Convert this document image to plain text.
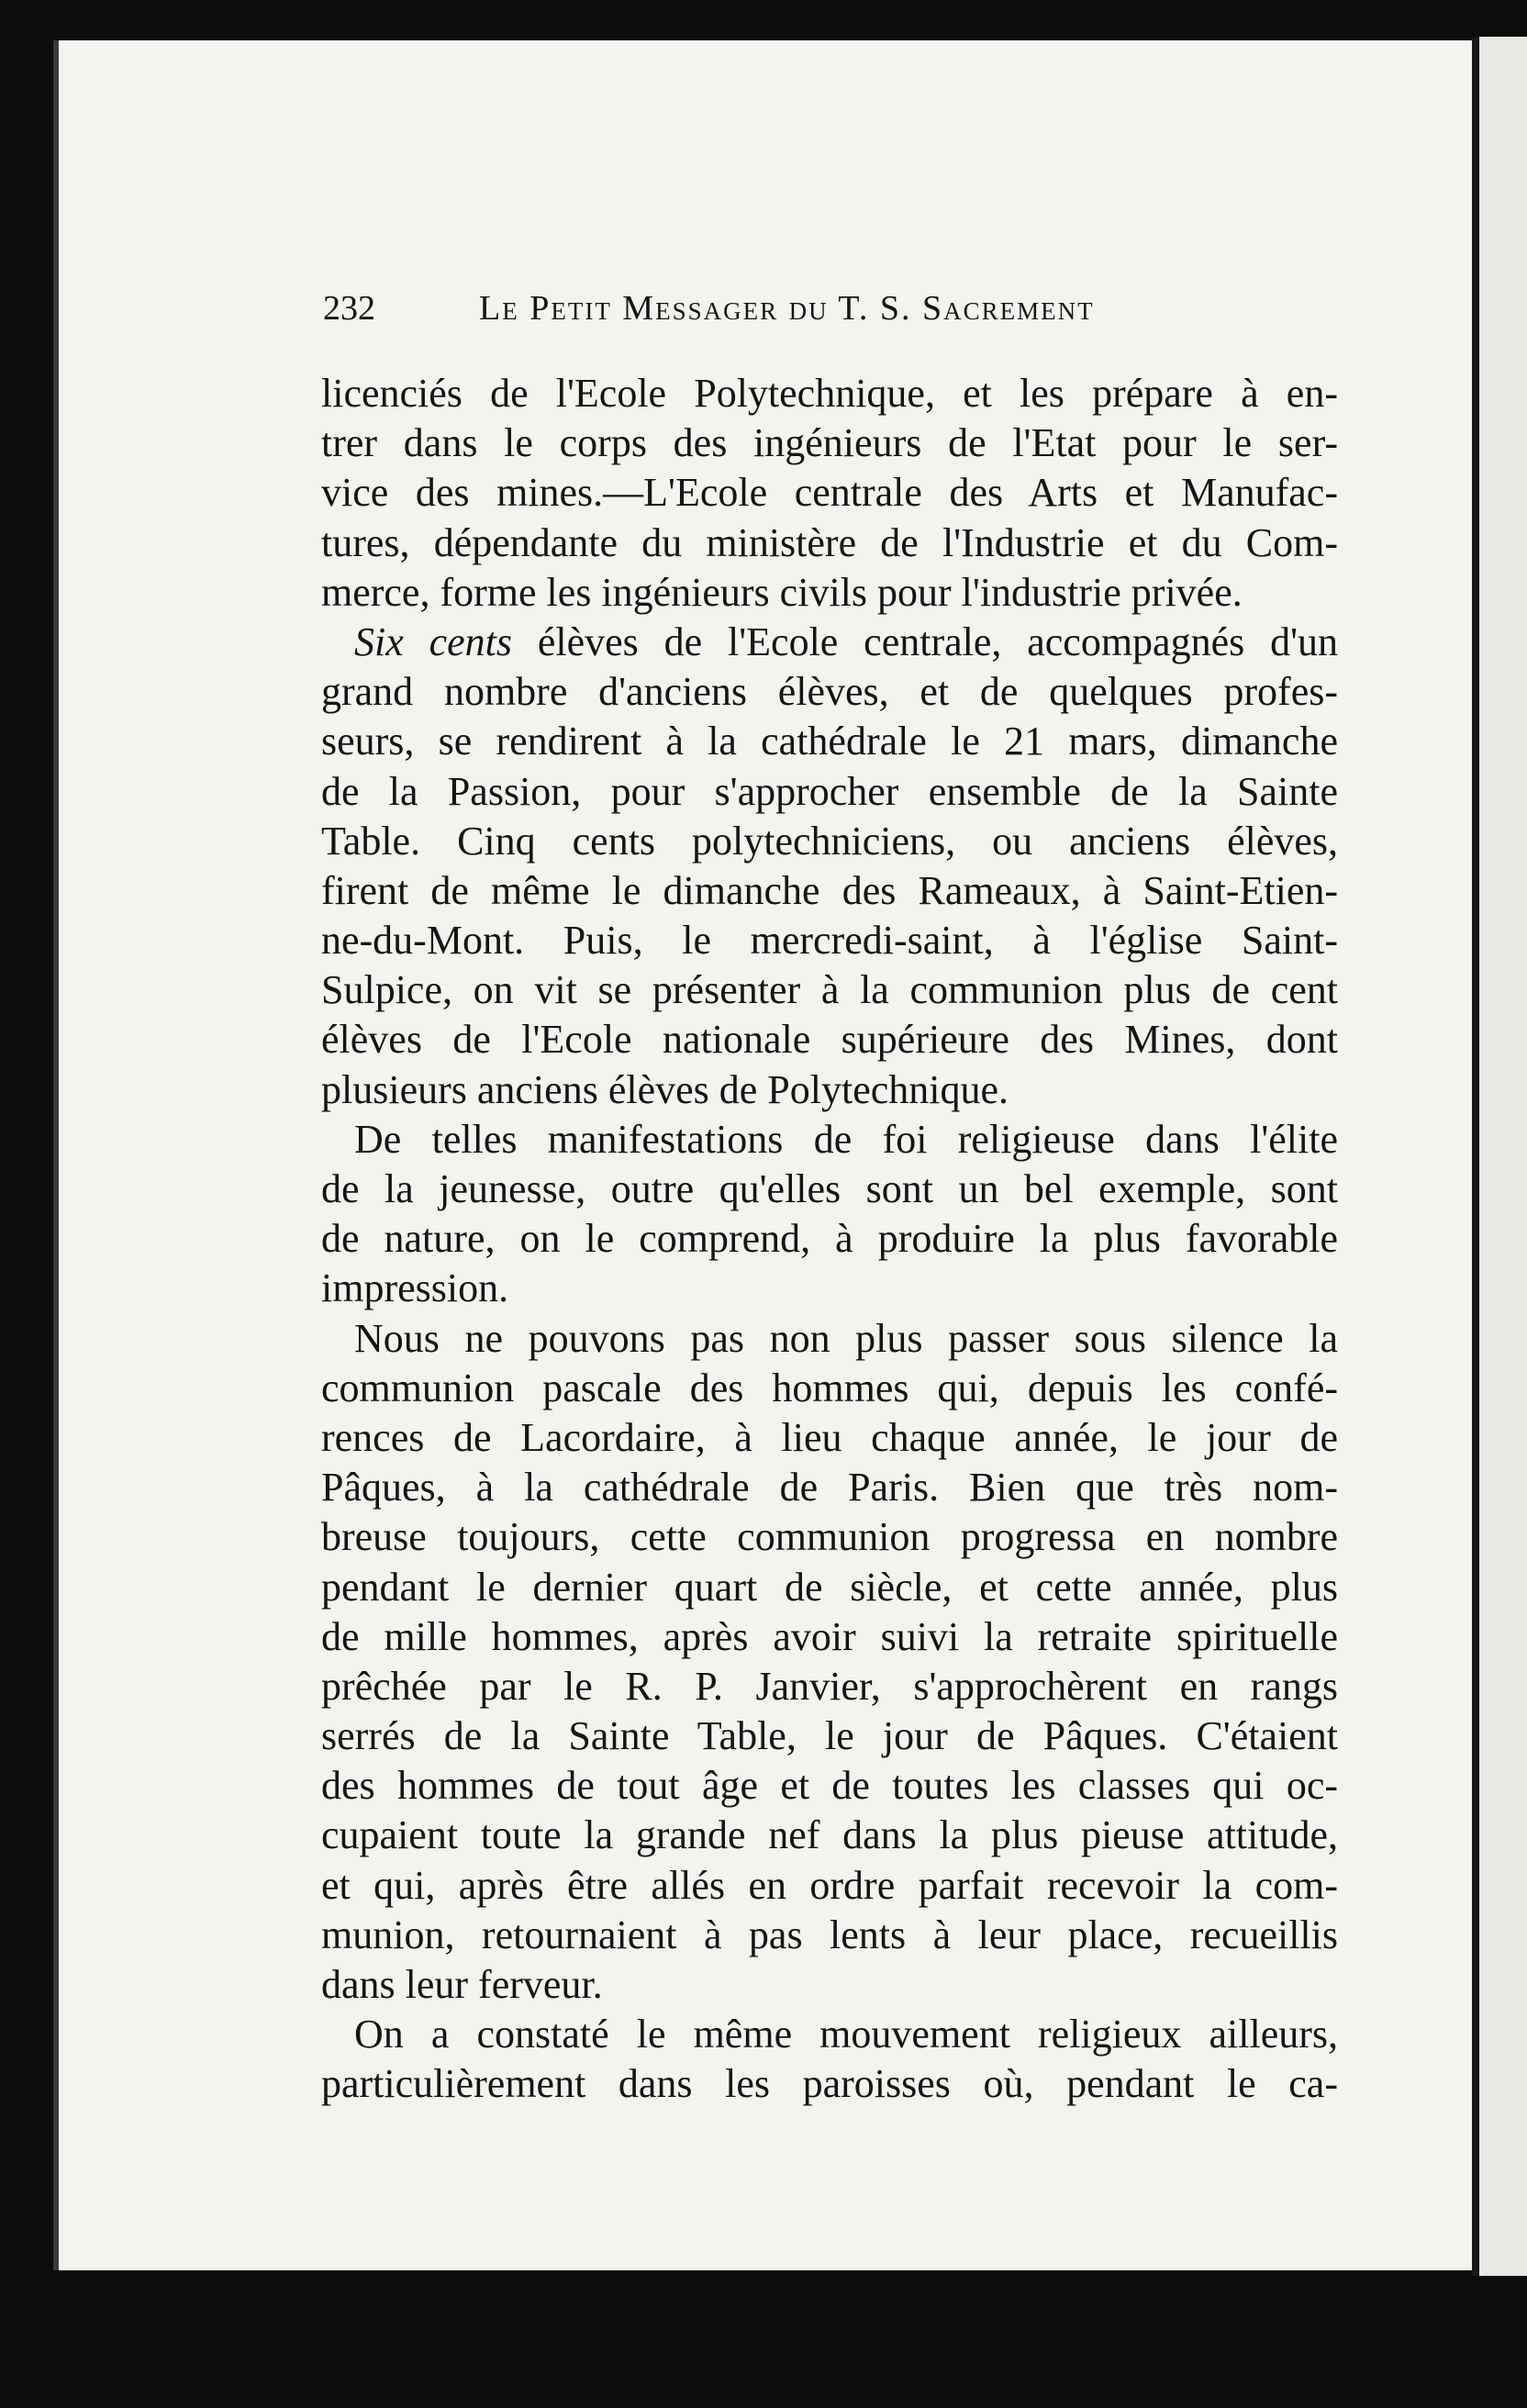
232	Le Petit Messager du T. S. Sacrement
licenciés de l'Ecole Polytechnique, et les prépare à en-
trer dans le corps des ingénieurs de l'Etat pour le ser-
vice des mines.—L'Ecole centrale des Arts et Manufac-
tures, dépendante du ministère de l'Industrie et du Com-
merce, forme les ingénieurs civils pour l'industrie privée.
Six cents élèves de l'Ecole centrale, accompagnés d'un
grand nombre d'anciens élèves, et de quelques profes-
seurs, se rendirent à la cathédrale le 21 mars, dimanche
de la Passion, pour s'approcher ensemble de la Sainte
Table. Cinq cents polytechniciens, ou anciens élèves,
firent de même le dimanche des Rameaux, à Saint-Etien-
ne-du-Mont. Puis, le mercredi-saint, à l'église Saint-
Sulpice, on vit se présenter à la communion plus de cent
élèves de l'Ecole nationale supérieure des Mines, dont
plusieurs anciens élèves de Polytechnique.
De telles manifestations de foi religieuse dans l'élite
de la jeunesse, outre qu'elles sont un bel exemple, sont
de nature, on le comprend, à produire la plus favorable
impression.
Nous ne pouvons pas non plus passer sous silence la
communion pascale des hommes qui, depuis les confé-
rences de Lacordaire, à lieu chaque année, le jour de
Pâques, à la cathédrale de Paris. Bien que très nom-
breuse toujours, cette communion progressa en nombre
pendant le dernier quart de siècle, et cette année, plus
de mille hommes, après avoir suivi la retraite spirituelle
prêchée par le R. P. Janvier, s'approchèrent en rangs
serrés de la Sainte Table, le jour de Pâques. C'étaient
des hommes de tout âge et de toutes les classes qui oc-
cupaient toute la grande nef dans la plus pieuse attitude,
et qui, après être allés en ordre parfait recevoir la com-
munion, retournaient à pas lents à leur place, recueillis
dans leur ferveur.
On a constaté le même mouvement religieux ailleurs,
particulièrement dans les paroisses où, pendant le ca-
